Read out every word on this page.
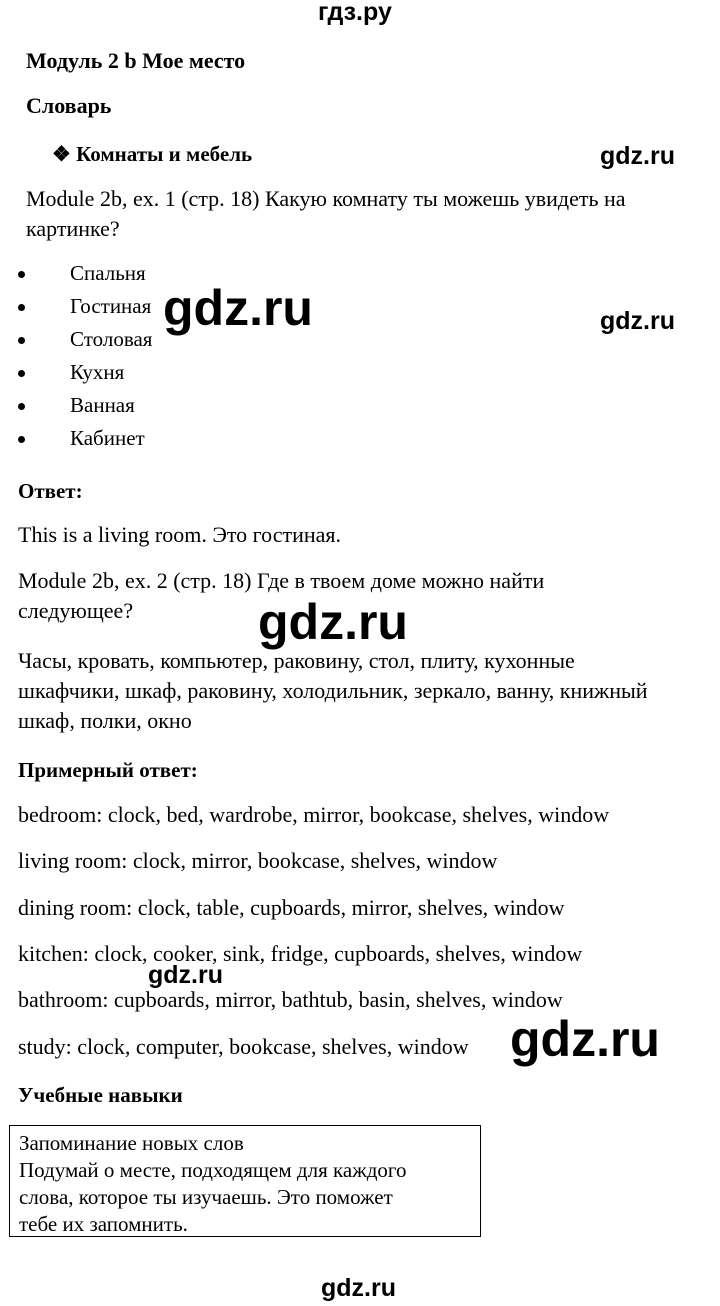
гдз.ру
Модуль 2 b Мое место
Словарь
❖ Комнаты и мебель	gdz.ru
Module 2b, ex. 1 (стр. 18) Какую комнату ты можешь увидеть на
картинке?
Спальня
Гостиная
Столовая
Кухня
Ванная
Кабинет
gdz.ru	gdz.ru
Ответ:
This is a living room. Это гостиная.
Module 2b, ex. 2 (стр. 18) Где в твоем доме можно найти
следующее?	gdz.ru
Часы, кровать, компьютер, раковину, стол, плиту, кухонные
шкафчики, шкаф, раковину, холодильник, зеркало, ванну, книжный
шкаф, полки, окно
Примерный ответ:
bedroom: clock, bed, wardrobe, mirror, bookcase, shelves, window
living room: clock, mirror, bookcase, shelves, window
dining room: clock, table, cupboards, mirror, shelves, window
kitchen: clock, cooker, sink, fridge, cupboards, shelves, window
bathroom: cupboards, mirror, bathtub, basin, shelves, window
study: clock, computer, bookcase, shelves, window
gdz.ru
gdz.ru
Учебные навыки
Запоминание новых слов
Подумай о месте, подходящем для каждого
слова, которое ты изучаешь. Это поможет
тебе их запомнить.
gdz.ru
